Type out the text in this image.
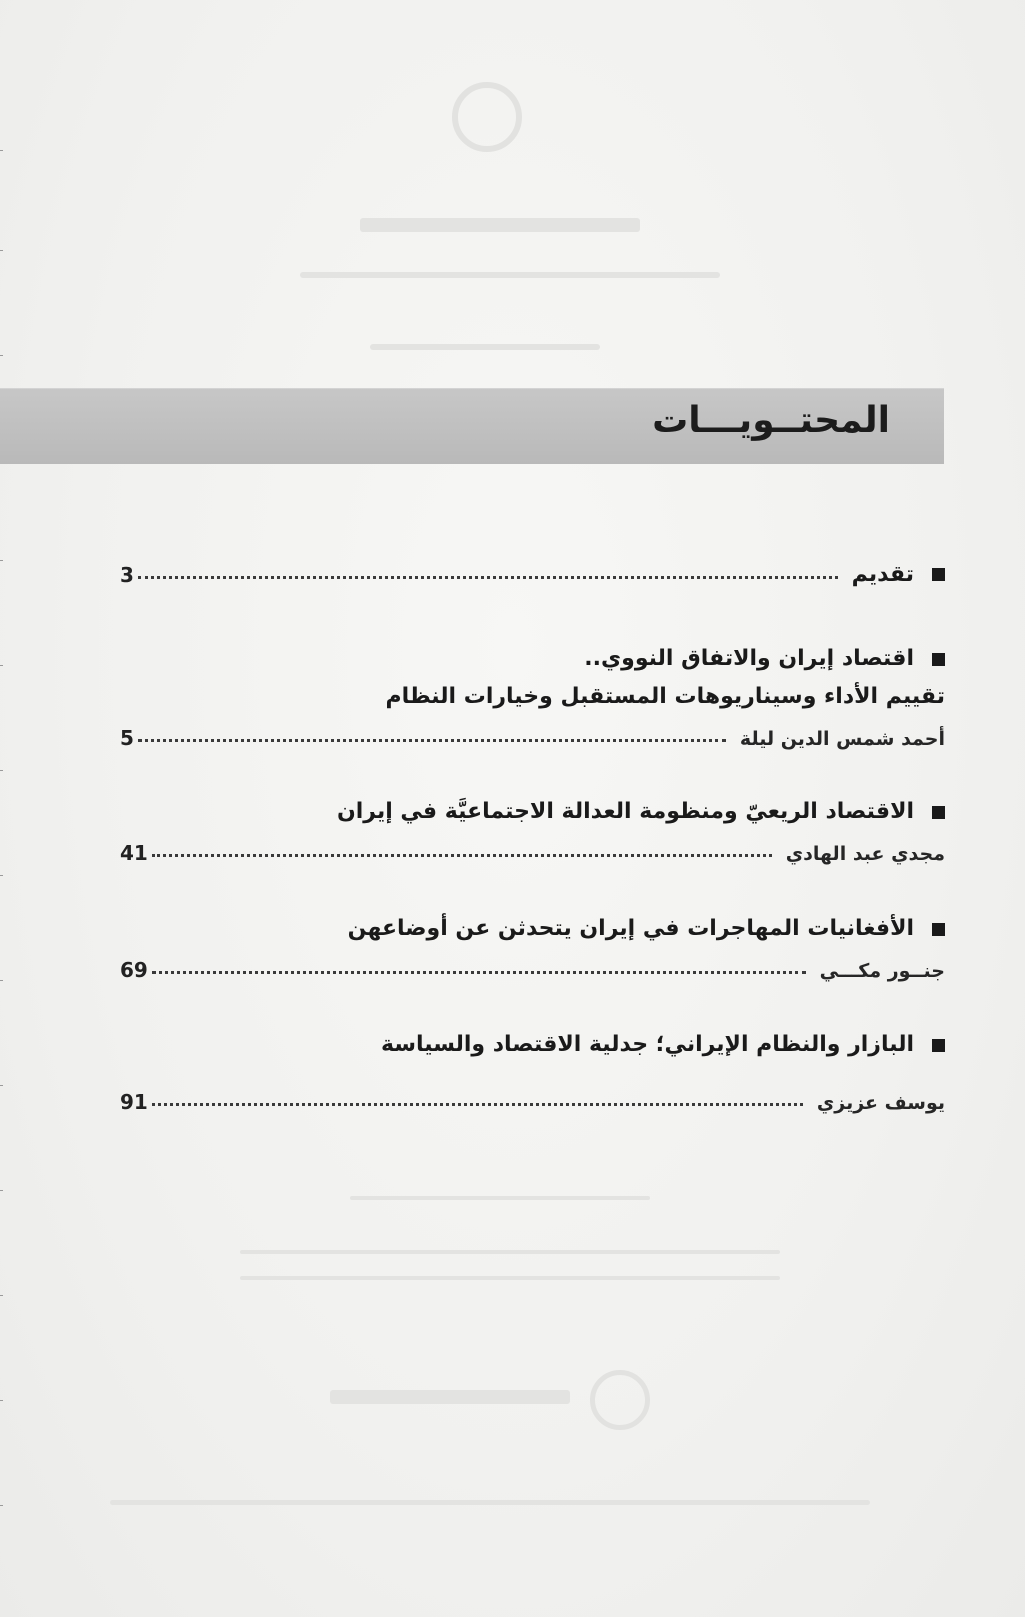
المحتــويـــات
تقديم
3
اقتصاد إيران والاتفاق النووي..
تقييم الأداء وسيناريوهات المستقبل وخيارات النظام
أحمد شمس الدين ليلة
5
الاقتصاد الريعيّ ومنظومة العدالة الاجتماعيَّة في إيران
مجدي عبد الهادي
41
الأفغانيات المهاجرات في إيران يتحدثن عن أوضاعهن
جنــور مكـــي
69
البازار والنظام الإيراني؛ جدلية الاقتصاد والسياسة
يوسف عزيزي
91
